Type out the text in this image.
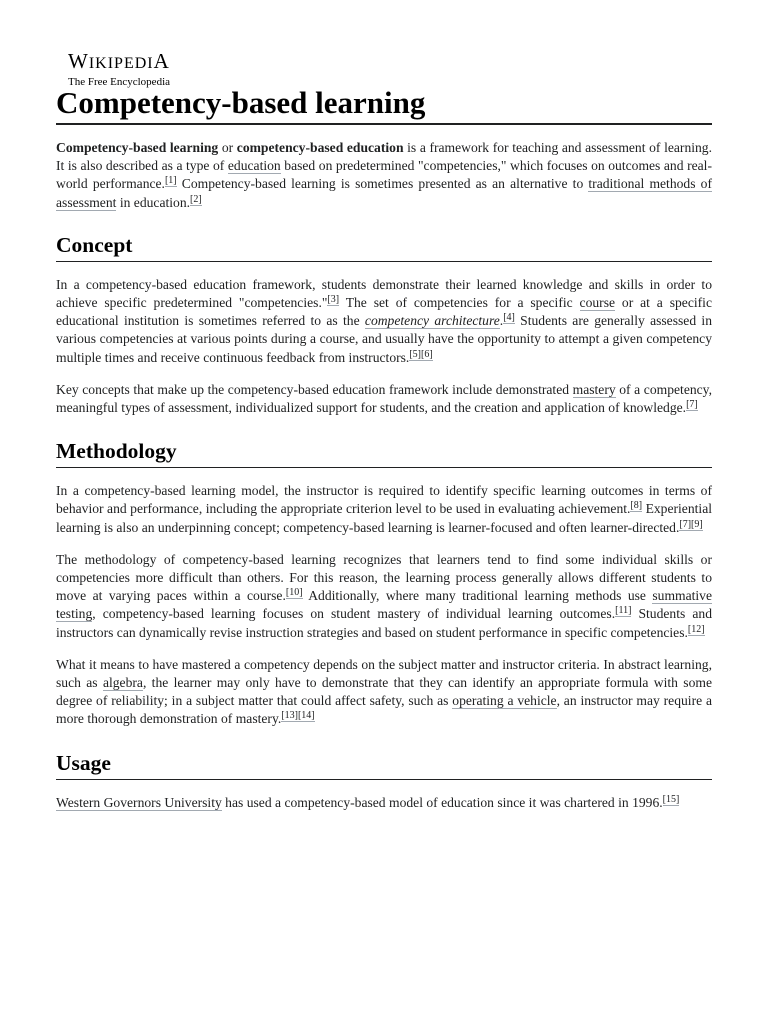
WIKIPEDIA
The Free Encyclopedia
Competency-based learning

Competency-based learning or competency-based education is a framework for teaching and assessment of learning. It is also described as a type of education based on predetermined "competencies," which focuses on outcomes and real-world performance.[1] Competency-based learning is sometimes presented as an alternative to traditional methods of assessment in education.[2]

Concept

In a competency-based education framework, students demonstrate their learned knowledge and skills in order to achieve specific predetermined "competencies."[3] The set of competencies for a specific course or at a specific educational institution is sometimes referred to as the competency architecture.[4] Students are generally assessed in various competencies at various points during a course, and usually have the opportunity to attempt a given competency multiple times and receive continuous feedback from instructors.[5][6]

Key concepts that make up the competency-based education framework include demonstrated mastery of a competency, meaningful types of assessment, individualized support for students, and the creation and application of knowledge.[7]

Methodology

In a competency-based learning model, the instructor is required to identify specific learning outcomes in terms of behavior and performance, including the appropriate criterion level to be used in evaluating achievement.[8] Experiential learning is also an underpinning concept; competency-based learning is learner-focused and often learner-directed.[7][9]

The methodology of competency-based learning recognizes that learners tend to find some individual skills or competencies more difficult than others. For this reason, the learning process generally allows different students to move at varying paces within a course.[10] Additionally, where many traditional learning methods use summative testing, competency-based learning focuses on student mastery of individual learning outcomes.[11] Students and instructors can dynamically revise instruction strategies and based on student performance in specific competencies.[12]

What it means to have mastered a competency depends on the subject matter and instructor criteria. In abstract learning, such as algebra, the learner may only have to demonstrate that they can identify an appropriate formula with some degree of reliability; in a subject matter that could affect safety, such as operating a vehicle, an instructor may require a more thorough demonstration of mastery.[13][14]

Usage

Western Governors University has used a competency-based model of education since it was chartered in 1996.[15]
